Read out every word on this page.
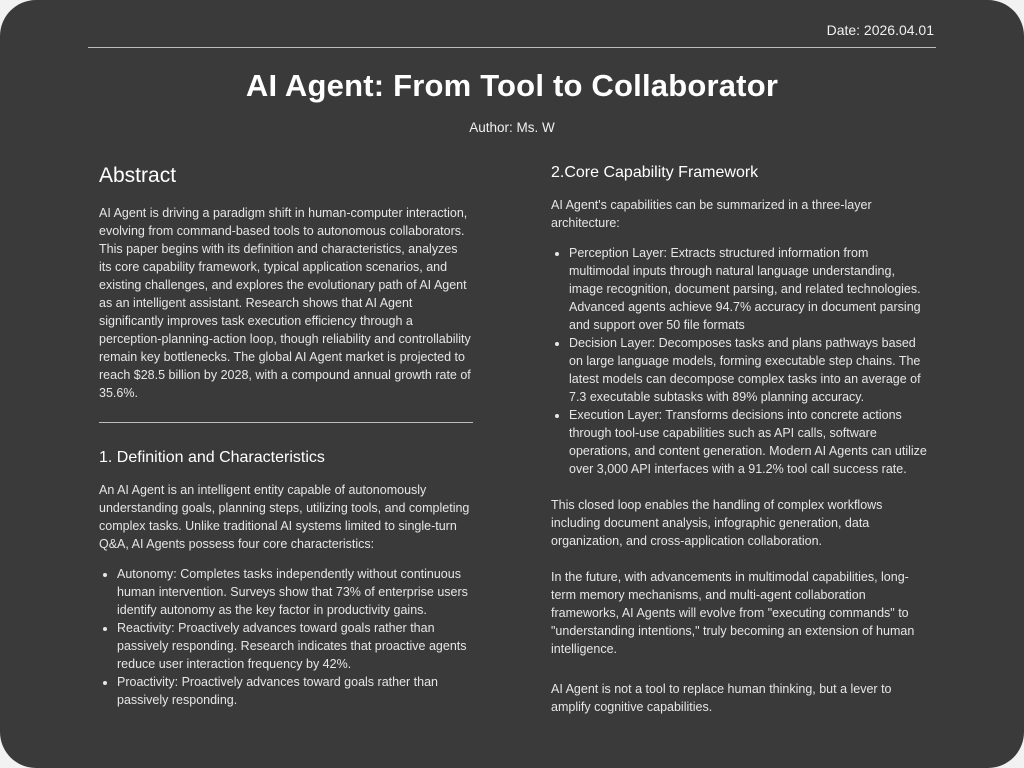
Date: 2026.04.01
AI Agent: From Tool to Collaborator
Author: Ms. W
Abstract

AI Agent is driving a paradigm shift in human-computer interaction, evolving from command-based tools to autonomous collaborators. This paper begins with its definition and characteristics, analyzes its core capability framework, typical application scenarios, and existing challenges, and explores the evolutionary path of AI Agent as an intelligent assistant. Research shows that AI Agent significantly improves task execution efficiency through a perception-planning-action loop, though reliability and controllability remain key bottlenecks. The global AI Agent market is projected to reach $28.5 billion by 2028, with a compound annual growth rate of 35.6%.

1. Definition and Characteristics

An AI Agent is an intelligent entity capable of autonomously understanding goals, planning steps, utilizing tools, and completing complex tasks. Unlike traditional AI systems limited to single-turn Q&A, AI Agents possess four core characteristics:

• Autonomy: Completes tasks independently without continuous human intervention. Surveys show that 73% of enterprise users identify autonomy as the key factor in productivity gains.
• Reactivity: Proactively advances toward goals rather than passively responding. Research indicates that proactive agents reduce user interaction frequency by 42%.
• Proactivity: Proactively advances toward goals rather than passively responding.
2.Core Capability Framework

AI Agent's capabilities can be summarized in a three-layer architecture:

• Perception Layer: Extracts structured information from multimodal inputs through natural language understanding, image recognition, document parsing, and related technologies. Advanced agents achieve 94.7% accuracy in document parsing and support over 50 file formats
• Decision Layer: Decomposes tasks and plans pathways based on large language models, forming executable step chains. The latest models can decompose complex tasks into an average of 7.3 executable subtasks with 89% planning accuracy.
• Execution Layer: Transforms decisions into concrete actions through tool-use capabilities such as API calls, software operations, and content generation. Modern AI Agents can utilize over 3,000 API interfaces with a 91.2% tool call success rate.

This closed loop enables the handling of complex workflows including document analysis, infographic generation, data organization, and cross-application collaboration.

In the future, with advancements in multimodal capabilities, long-term memory mechanisms, and multi-agent collaboration frameworks, AI Agents will evolve from "executing commands" to "understanding intentions," truly becoming an extension of human intelligence.

AI Agent is not a tool to replace human thinking, but a lever to amplify cognitive capabilities.
